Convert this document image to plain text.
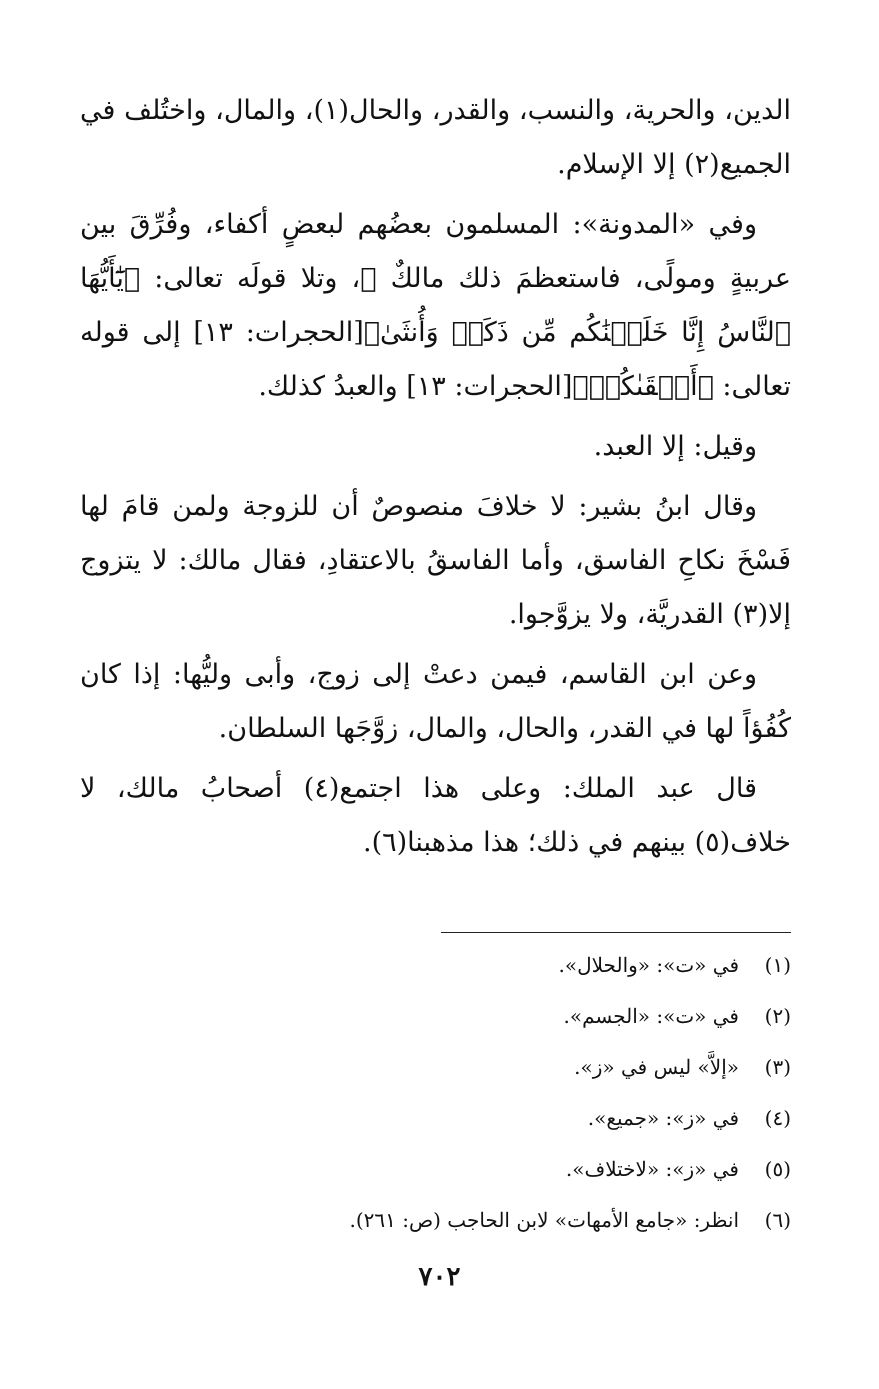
الدين، والحرية، والنسب، والقدر، والحال(١)، والمال، واختُلف في الجميع(٢) إلا الإسلام.

وفي «المدونة»: المسلمون بعضُهم لبعضٍ أكفاء، وفُرِّقَ بين عربيةٍ ومولًى، فاستعظمَ ذلك مالكٌ ﷺ، وتلا قولَه تعالى: ﴿يَٰٓأَيُّهَا ٱلنَّاسُ إِنَّا خَلَقۡنَٰكُم مِّن ذَكَرٖ وَأُنثَىٰ﴾[الحجرات: ١٣] إلى قوله تعالى: ﴿أَتۡقَىٰكُمۡ﴾[الحجرات: ١٣] والعبدُ كذلك.

وقيل: إلا العبد.

وقال ابنُ بشير: لا خلافَ منصوصٌ أن للزوجة ولمن قامَ لها فَسْخَ نكاحِ الفاسق، وأما الفاسقُ بالاعتقادِ، فقال مالك: لا يتزوج إلا(٣) القدريَّة، ولا يزوَّجوا.

وعن ابن القاسم، فيمن دعتْ إلى زوج، وأبى وليُّها: إذا كان كُفُؤاً لها في القدر، والحال، والمال، زوَّجَها السلطان.

قال عبد الملك: وعلى هذا اجتمع(٤) أصحابُ مالك، لا خلاف(٥) بينهم في ذلك؛ هذا مذهبنا(٦).

(١)في «ت»: «والحلال».
(٢)في «ت»: «الجسم».
(٣)«إلاَّ» ليس في «ز».
(٤)في «ز»: «جميع».
(٥)في «ز»: «لاختلاف».
(٦)انظر: «جامع الأمهات» لابن الحاجب (ص: ٢٦١).
٧٠٢
